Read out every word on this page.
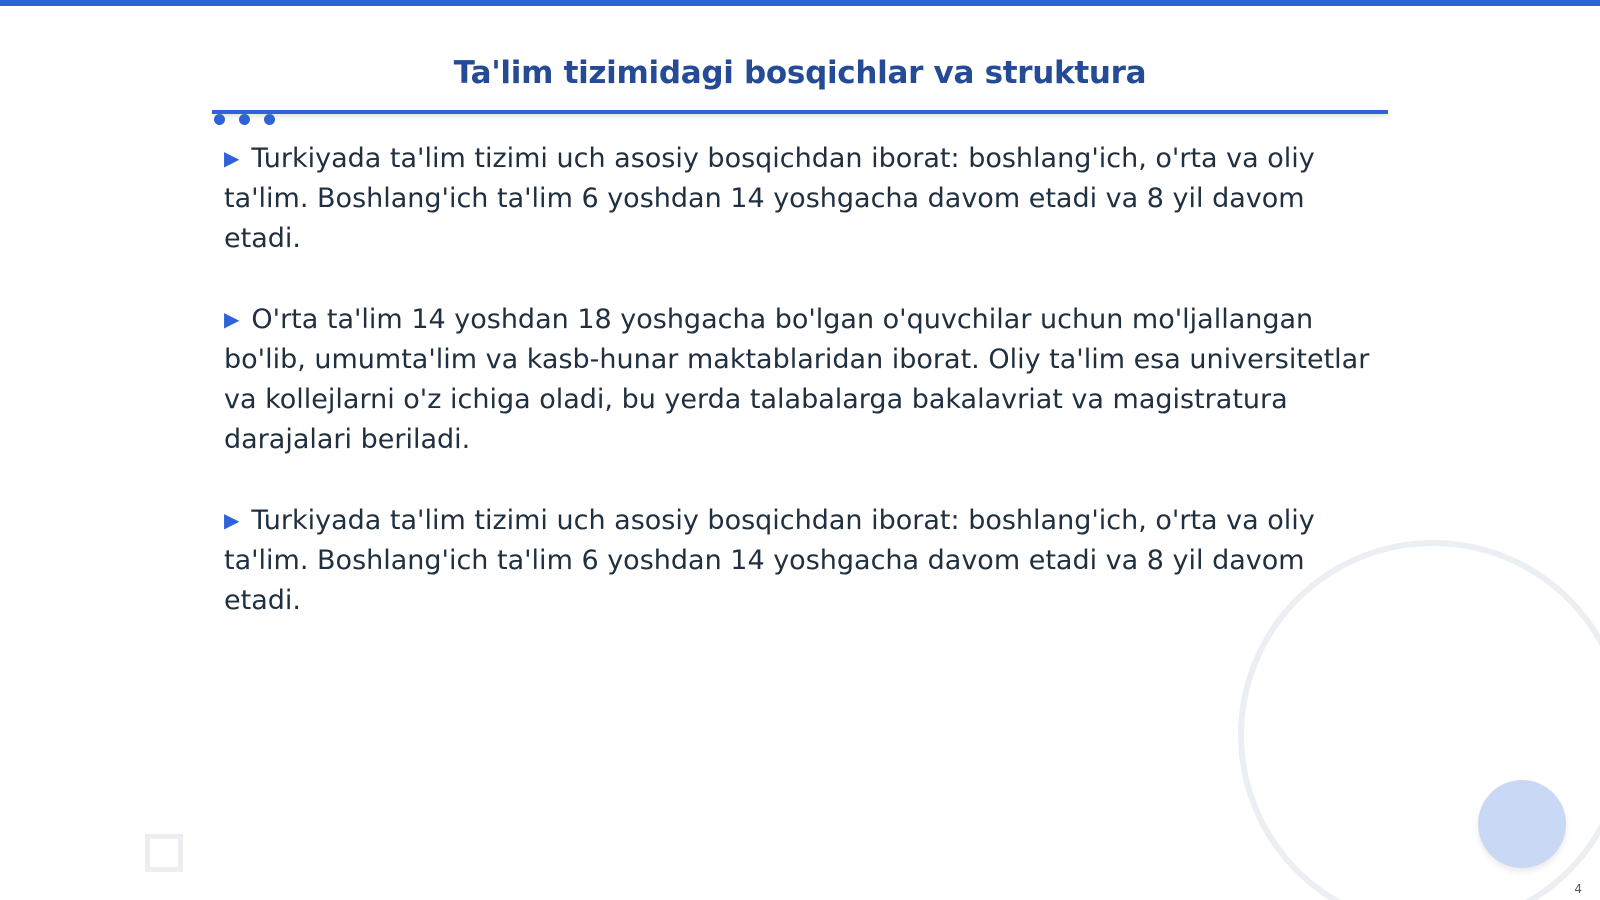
Ta'lim tizimidagi bosqichlar va struktura

▶ Turkiyada ta'lim tizimi uch asosiy bosqichdan iborat: boshlang'ich, o'rta va oliy ta'lim. Boshlang'ich ta'lim 6 yoshdan 14 yoshgacha davom etadi va 8 yil davom etadi.

▶ O'rta ta'lim 14 yoshdan 18 yoshgacha bo'lgan o'quvchilar uchun mo'ljallangan bo'lib, umumta'lim va kasb-hunar maktablaridan iborat. Oliy ta'lim esa universitetlar va kollejlarni o'z ichiga oladi, bu yerda talabalarga bakalavriat va magistratura darajalari beriladi.

▶ Turkiyada ta'lim tizimi uch asosiy bosqichdan iborat: boshlang'ich, o'rta va oliy ta'lim. Boshlang'ich ta'lim 6 yoshdan 14 yoshgacha davom etadi va 8 yil davom etadi.

4
